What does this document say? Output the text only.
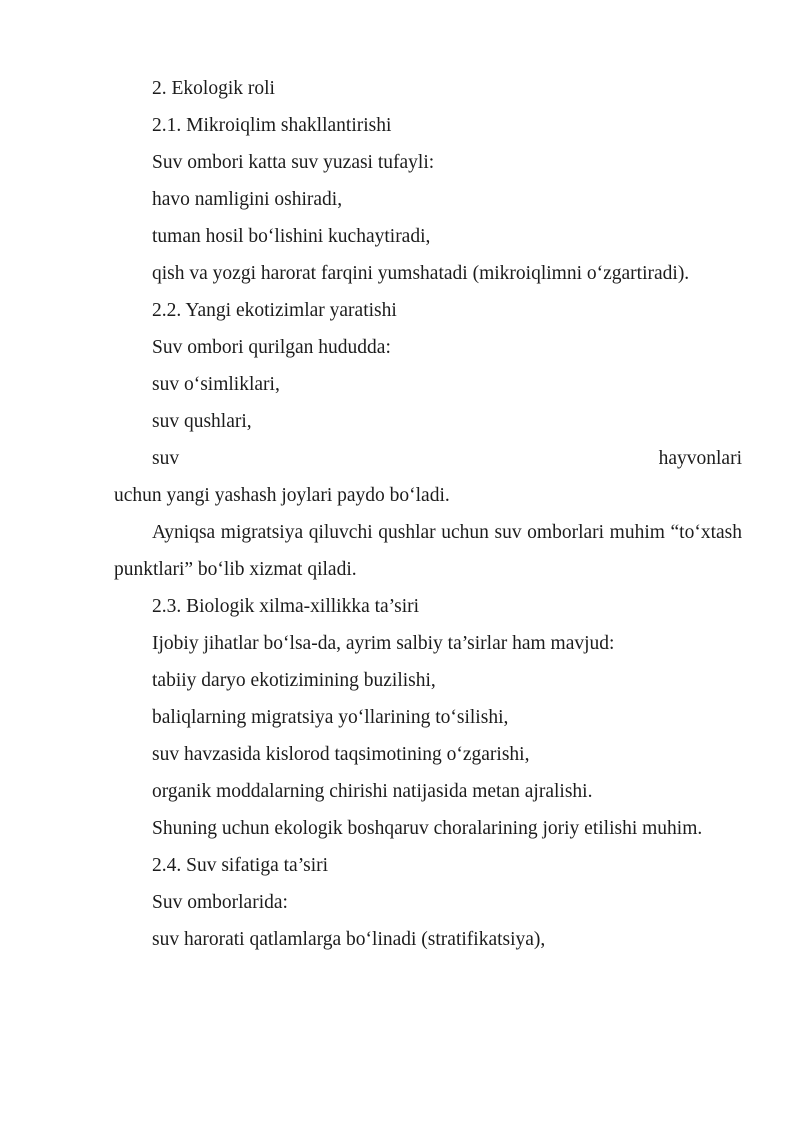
2. Ekologik roli

2.1. Mikroiqlim shakllantirishi

Suv ombori katta suv yuzasi tufayli:

havo namligini oshiradi,

tuman hosil bo‘lishini kuchaytiradi,

qish va yozgi harorat farqini yumshatadi (mikroiqlimni o‘zgartiradi).

2.2. Yangi ekotizimlar yaratishi

Suv ombori qurilgan hududda:

suv o‘simliklari,

suv qushlari,

suv hayvonlari

uchun yangi yashash joylari paydo bo‘ladi.

Ayniqsa migratsiya qiluvchi qushlar uchun suv omborlari muhim “to‘xtash punktlari” bo‘lib xizmat qiladi.

2.3. Biologik xilma-xillikka ta’siri

Ijobiy jihatlar bo‘lsa-da, ayrim salbiy ta’sirlar ham mavjud:

tabiiy daryo ekotizimining buzilishi,

baliqlarning migratsiya yo‘llarining to‘silishi,

suv havzasida kislorod taqsimotining o‘zgarishi,

organik moddalarning chirishi natijasida metan ajralishi.

Shuning uchun ekologik boshqaruv choralarining joriy etilishi muhim.

2.4. Suv sifatiga ta’siri

Suv omborlarida:

suv harorati qatlamlarga bo‘linadi (stratifikatsiya),
